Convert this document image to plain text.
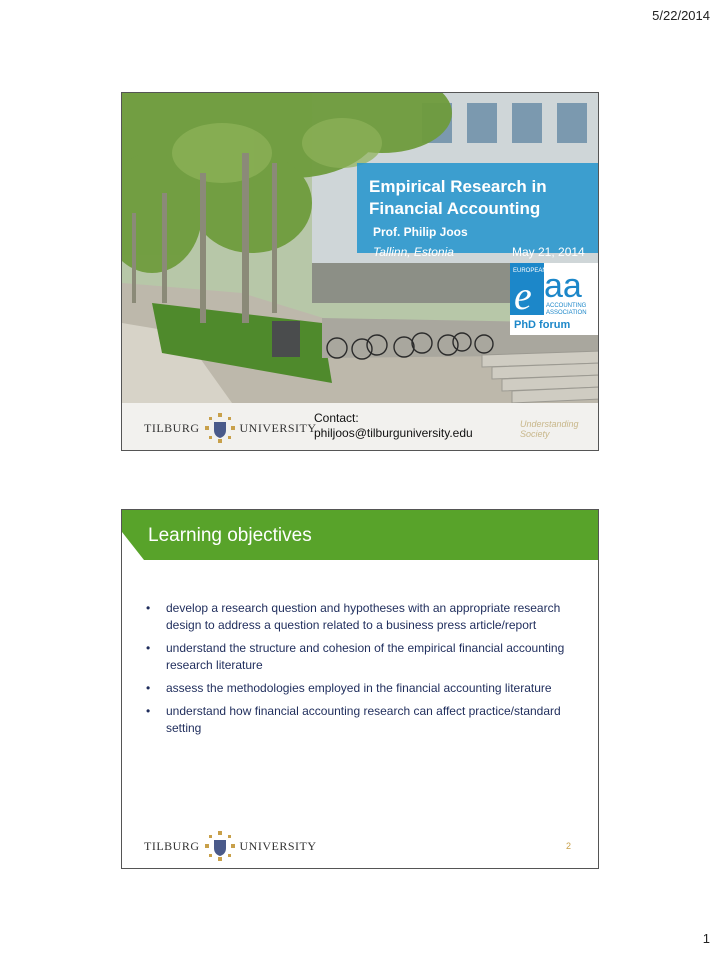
5/22/2014
Empirical Research in Financial Accounting
Prof. Philip Joos
Tallinn, Estonia	May 21, 2014
EUROPEAN
e aa
ACCOUNTING
ASSOCIATION
PhD forum
TILBURG	UNIVERSITY
Contact:
philjoos@tilburguniversity.edu
Understanding Society
Learning objectives
• develop a research question and hypotheses with an appropriate research design to address a question related to a business press article/report
• understand the structure and cohesion of the empirical financial accounting research literature
• assess the methodologies employed in the financial accounting literature
• understand how financial accounting research can affect practice/standard setting
TILBURG	UNIVERSITY	2
1
